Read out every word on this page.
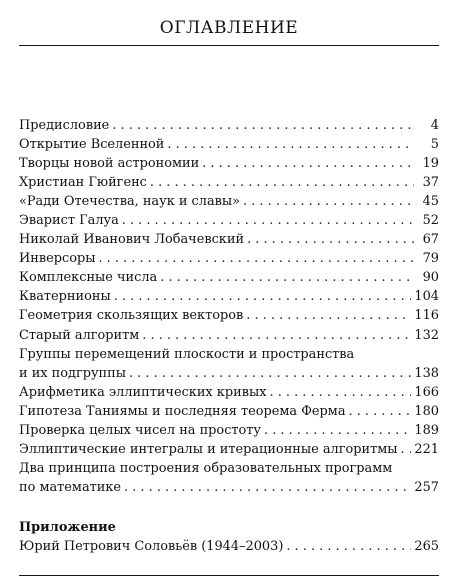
ОГЛАВЛЕНИЕ
Предисловие . . .	4
Открытие Вселенной . . .	5
Творцы новой астрономии . . .	19
Христиан Гюйгенс . . .	37
«Ради Отечества, наук и славы» . . .	45
Эварист Галуа . . .	52
Николай Иванович Лобачевский . . .	67
Инверсоры . . .	79
Комплексные числа . . .	90
Кватернионы . . .	104
Геометрия скользящих векторов . . .	116
Старый алгоритм . . .	132
Группы перемещений плоскости и пространства
и их подгруппы . . .	138
Арифметика эллиптических кривых . . .	166
Гипотеза Таниямы и последняя теорема Ферма . . .	180
Проверка целых чисел на простоту . . .	189
Эллиптические интегралы и итерационные алгоритмы . . . 221
Два принципа построения образовательных программ
по математике . . .	257
Приложение
Юрий Петрович Соловьёв (1944–2003) . . .	265
